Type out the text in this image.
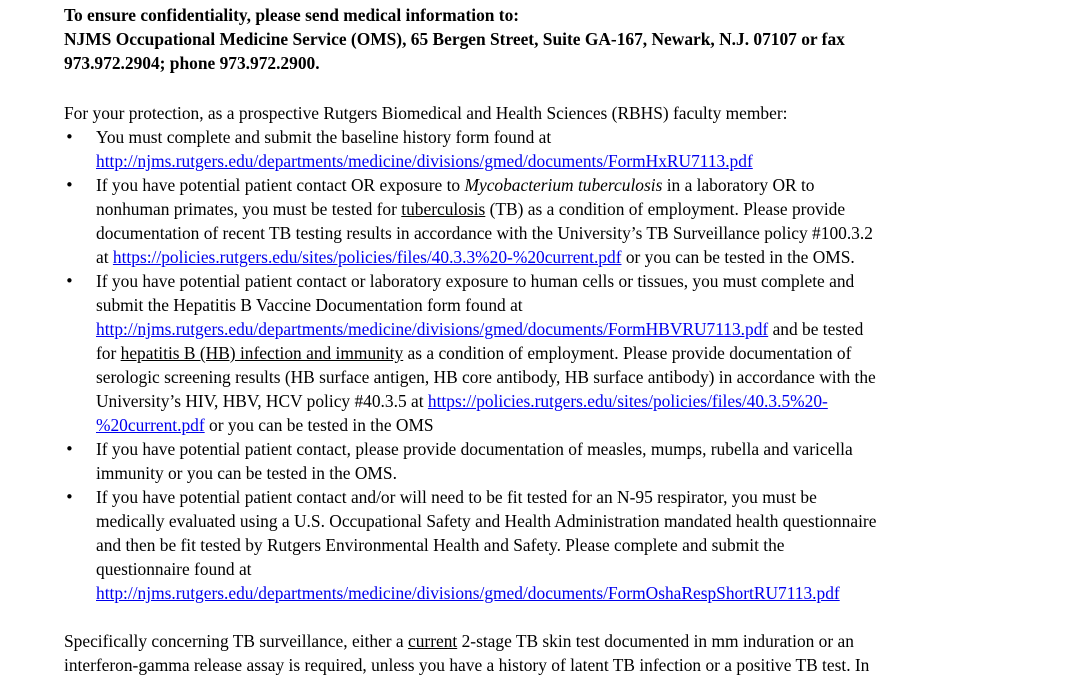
To ensure confidentiality, please send medical information to:
NJMS Occupational Medicine Service (OMS), 65 Bergen Street, Suite GA-167, Newark, N.J. 07107 or fax
973.972.2904; phone 973.972.2900.
For your protection, as a prospective Rutgers Biomedical and Health Sciences (RBHS) faculty member:
• You must complete and submit the baseline history form found at
http://njms.rutgers.edu/departments/medicine/divisions/gmed/documents/FormHxRU7113.pdf
• If you have potential patient contact OR exposure to Mycobacterium tuberculosis in a laboratory OR to
nonhuman primates, you must be tested for tuberculosis (TB) as a condition of employment. Please provide
documentation of recent TB testing results in accordance with the University’s TB Surveillance policy #100.3.2
at https://policies.rutgers.edu/sites/policies/files/40.3.3%20-%20current.pdf or you can be tested in the OMS.
• If you have potential patient contact or laboratory exposure to human cells or tissues, you must complete and
submit the Hepatitis B Vaccine Documentation form found at
http://njms.rutgers.edu/departments/medicine/divisions/gmed/documents/FormHBVRU7113.pdf and be tested
for hepatitis B (HB) infection and immunity as a condition of employment. Please provide documentation of
serologic screening results (HB surface antigen, HB core antibody, HB surface antibody) in accordance with the
University’s HIV, HBV, HCV policy #40.3.5 at https://policies.rutgers.edu/sites/policies/files/40.3.5%20-
%20current.pdf or you can be tested in the OMS
• If you have potential patient contact, please provide documentation of measles, mumps, rubella and varicella
immunity or you can be tested in the OMS.
• If you have potential patient contact and/or will need to be fit tested for an N-95 respirator, you must be
medically evaluated using a U.S. Occupational Safety and Health Administration mandated health questionnaire
and then be fit tested by Rutgers Environmental Health and Safety. Please complete and submit the
questionnaire found at
http://njms.rutgers.edu/departments/medicine/divisions/gmed/documents/FormOshaRespShortRU7113.pdf
Specifically concerning TB surveillance, either a current 2-stage TB skin test documented in mm induration or an
interferon-gamma release assay is required, unless you have a history of latent TB infection or a positive TB test. In
